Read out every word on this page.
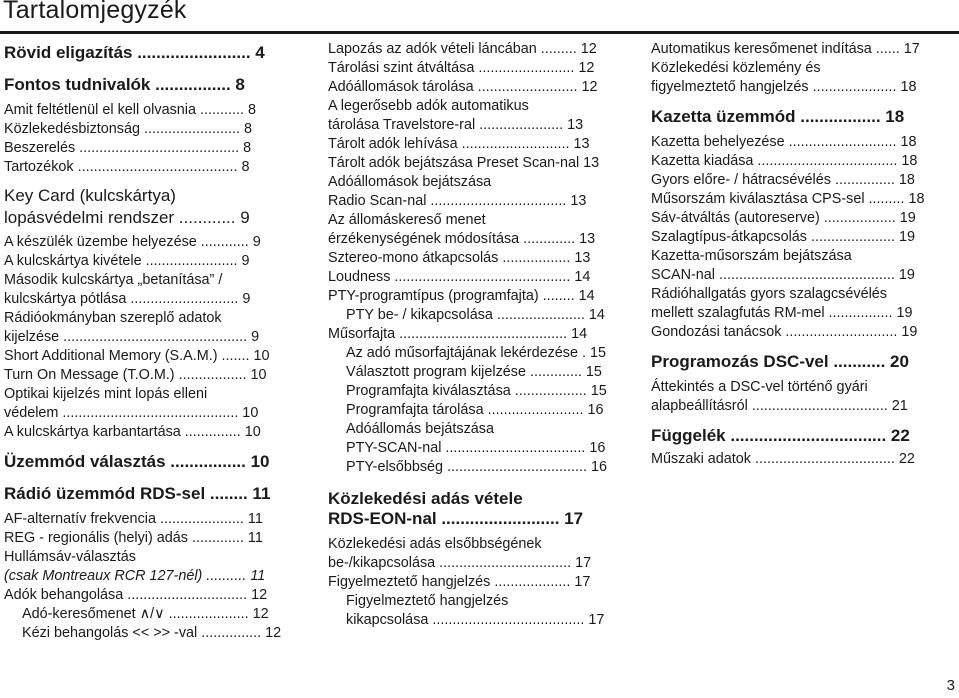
Tartalomjegyzék
Rövid eligazítás ........................ 4
Fontos tudnivalók ................ 8
Amit feltétlenül el kell olvasnia ........... 8
Közlekedésbiztonság ........................ 8
Beszerelés ........................................ 8
Tartozékok ........................................ 8
Key Card (kulcskártya)
lopásvédelmi rendszer ............ 9
A készülék üzembe helyezése ............ 9
A kulcskártya kivétele ....................... 9
Második kulcskártya „betanítása” /
kulcskártya pótlása ........................... 9
Rádióokmányban szereplő adatok
kijelzése .............................................. 9
Short Additional Memory (S.A.M.) ....... 10
Turn On Message (T.O.M.) ................. 10
Optikai kijelzés mint lopás elleni
védelem ............................................ 10
A kulcskártya karbantartása .............. 10
Üzemmód választás ................ 10
Rádió üzemmód RDS-sel ........ 11
AF-alternatív frekvencia ..................... 11
REG - regionális (helyi) adás ............. 11
Hullámsáv-választás
(csak Montreaux RCR 127-nél) .......... 11
Adók behangolása .............................. 12
Adó-keresőmenet ∧/∨ .................... 12
Kézi behangolás << >> -val ............... 12
Lapozás az adók vételi láncában ......... 12
Tárolási szint átváltása ........................ 12
Adóállomások tárolása ......................... 12
A legerősebb adók automatikus
tárolása Travelstore-ral ..................... 13
Tárolt adók lehívása ........................... 13
Tárolt adók bejátszása Preset Scan-nal 13
Adóállomások bejátszása
Radio Scan-nal .................................. 13
Az állomáskereső menet
érzékenységének módosítása ............. 13
Sztereo-mono átkapcsolás ................. 13
Loudness ............................................ 14
PTY-programtípus (programfajta) ........ 14
PTY be- / kikapcsolása ...................... 14
Műsorfajta .......................................... 14
Az adó műsorfajtájának lekérdezése . 15
Választott program kijelzése ............. 15
Programfajta kiválasztása .................. 15
Programfajta tárolása ........................ 16
Adóállomás bejátszása
PTY-SCAN-nal ................................... 16
PTY-elsőbbség ................................... 16
Közlekedési adás vétele
RDS-EON-nal ......................... 17
Közlekedési adás elsőbbségének
be-/kikapcsolása ................................. 17
Figyelmeztető hangjelzés ................... 17
Figyelmeztető hangjelzés
kikapcsolása ...................................... 17
Automatikus keresőmenet indítása ...... 17
Közlekedési közlemény és
figyelmeztető hangjelzés ..................... 18
Kazetta üzemmód ................. 18
Kazetta behelyezése ........................... 18
Kazetta kiadása ................................... 18
Gyors előre- / hátracsévélés ............... 18
Műsorszám kiválasztása CPS-sel ......... 18
Sáv-átváltás (autoreserve) .................. 19
Szalagtípus-átkapcsolás ..................... 19
Kazetta-műsorszám bejátszása
SCAN-nal ............................................ 19
Rádióhallgatás gyors szalagcsévélés
mellett szalagfutás RM-mel ................ 19
Gondozási tanácsok ............................ 19
Programozás DSC-vel ........... 20
Áttekintés a DSC-vel történő gyári
alapbeállításról .................................. 21
Függelék ................................. 22
Műszaki adatok ................................... 22
3
